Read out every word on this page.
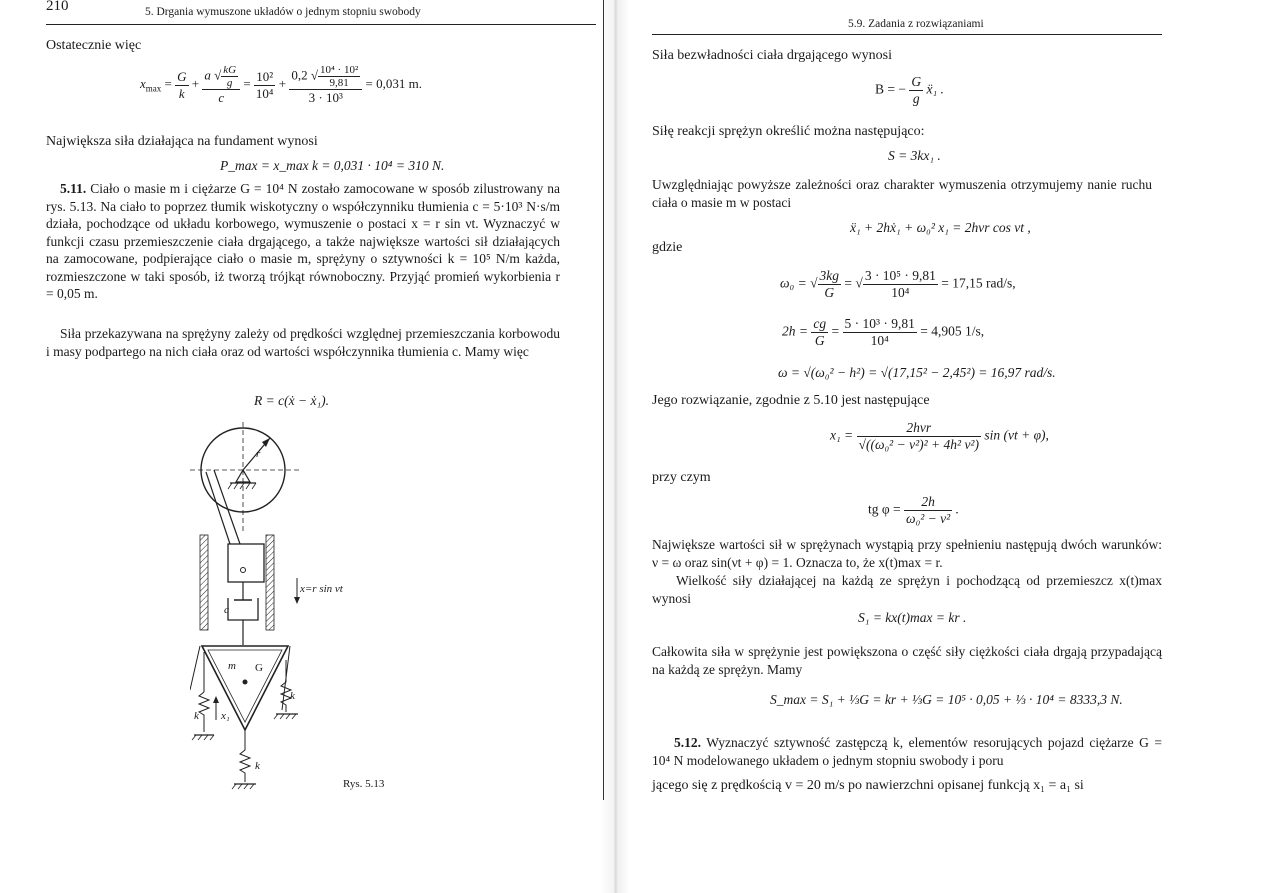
210	5. Drgania wymuszone układów o jednym stopniu swobody
Ostatecznie więc
$x_{max} = \frac{G}{k} + \frac{a √ \frac{kG}{g}}{c} = \frac{\text{10²}}{\text{10⁴}} + \frac{0,2 √ \frac{\text{10⁴ · 10²}}{9,81}}{\text{3 · 10³}} = 0,031$ m.
Największa siła działająca na fundament wynosi
P_max = x_max k = 0,031 · 10⁴ = 310 N.
5.11. Ciało o masie m i ciężarze G = 10⁴ N zostało zamocowane w sposób zilustrowany na rys. 5.13. Na ciało to poprzez tłumik wiskotyczny o współczynniku tłumienia c = 5·10³ N·s/m działa, pochodzące od układu korbowego, wymuszenie o postaci x = r sin νt. Wyznaczyć w funkcji czasu przemieszczenie ciała drgającego, a także największe wartości sił działających na zamocowane, podpierające ciało o masie m, sprężyny o sztywności k = 10⁵ N/m każda, rozmieszczone w taki sposób, iż tworzą trójkąt równoboczny. Przyjąć promień wykorbienia r = 0,05 m.
Siła przekazywana na sprężyny zależy od prędkości względnej przemieszczania korbowodu i masy podpartego na nich ciała oraz od wartości współczynnika tłumienia c. Mamy więc
R = c(ẋ − ẋ₁).
r
x=r sin νt
c
m G
k x₁
k
k
Rys. 5.13
5.9. Zadania z rozwiązaniami
Siła bezwładności ciała drgającego wynosi
B = − $\frac{G}{g}$ ẍ₁ .
Siłę reakcji sprężyn określić można następująco:
S = 3kx₁ .
Uwzględniając powyższe zależności oraz charakter wymuszenia otrzymujemy nanie ruchu ciała o masie m w postaci
ẍ₁ + 2hẋ₁ + ω₀² x₁ = 2hνr cos νt ,
gdzie
ω₀ = √ $\frac{3kg}{G}$ = √ $\frac{\text{3 · 10⁵ · 9,81}}{\text{10⁴}} = 17,15$ rad/s,
$2h = \frac{cg}{G} = \frac{\text{5 · 10³ · 9,81}}{\text{10⁴}} = 4,905$ 1/s,
ω = √(ω₀² − h²) = √(17,15² − 2,45²) = 16,97 rad/s.
Jego rozwiązanie, zgodnie z 5.10 jest następujące
$x_1 = \frac{\text{2hνr}}{\text{√((ω₀² − ν²)² + 4h² ν²)}}$ sin (νt + φ),
przy czym
tg $\varphi = \frac{2h}{\text{ω₀² − ν²}}$ .
Największe wartości sił w sprężynach wystąpią przy spełnieniu następują dwóch warunków: ν = ω oraz sin(νt + φ) = 1. Oznacza to, że x(t)max = r.
Wielkość siły działającej na każdą ze sprężyn i pochodzącą od przemieszcz x(t)max wynosi
S₁ = kx(t)max = kr .
Całkowita siła w sprężynie jest powiększona o część siły ciężkości ciała drgają przypadającą na każdą ze sprężyn. Mamy
S_max = S₁ + ⅓G = kr + ⅓G = 10⁵ · 0,05 + ⅓ · 10⁴ = 8333,3 N.
5.12. Wyznaczyć sztywność zastępczą k, elementów resorujących pojazd ciężarze G = 10⁴ N modelowanego układem o jednym stopniu swobody i poru
jącego się z prędkością v = 20 m/s po nawierzchni opisanej funkcją x₁ = a₁ si
